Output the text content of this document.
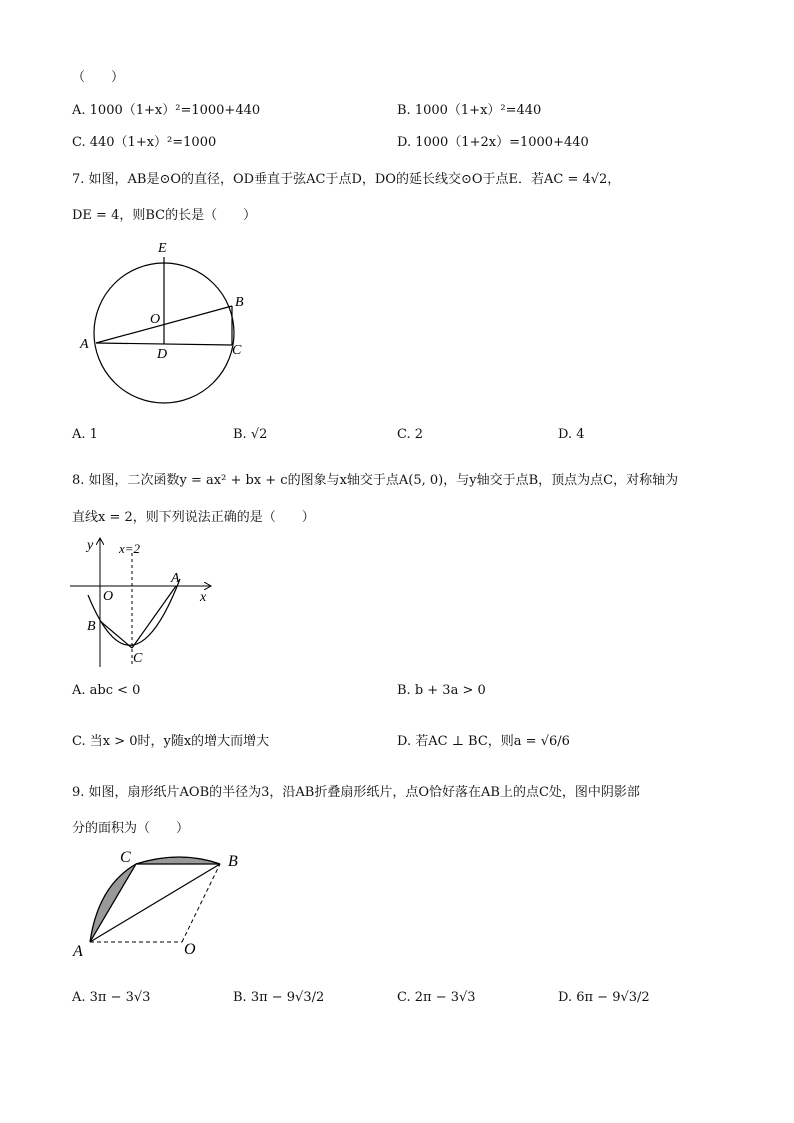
（　　）
A. 1000（1+x）²=1000+440	B. 1000（1+x）²=440
C. 440（1+x）²=1000	D. 1000（1+2x）=1000+440
7. 如图，AB是⊙O的直径，OD垂直于弦AC于点D，DO的延长线交⊙O于点E．若AC = 4√2，
DE = 4，则BC的长是（　　）
E
O
B
A
D	C
A. 1	B. √2	C. 2	D. 4
8. 如图，二次函数y = ax² + bx + c的图象与x轴交于点A(5, 0)，与y轴交于点B，顶点为点C，对称轴为
直线x = 2，则下列说法正确的是（　　）
y x=2
x
A
O
B
C
A. abc < 0	B. b + 3a > 0
C. 当x > 0时，y随x的增大而增大	D. 若AC ⊥ BC，则a = √6/6
9. 如图，扇形纸片AOB的半径为3，沿AB折叠扇形纸片，点O恰好落在AB上的点C处，图中阴影部
分的面积为（　　）
C	B
A	O
A. 3π − 3√3	B. 3π − 9√3/2	C. 2π − 3√3	D. 6π − 9√3/2
